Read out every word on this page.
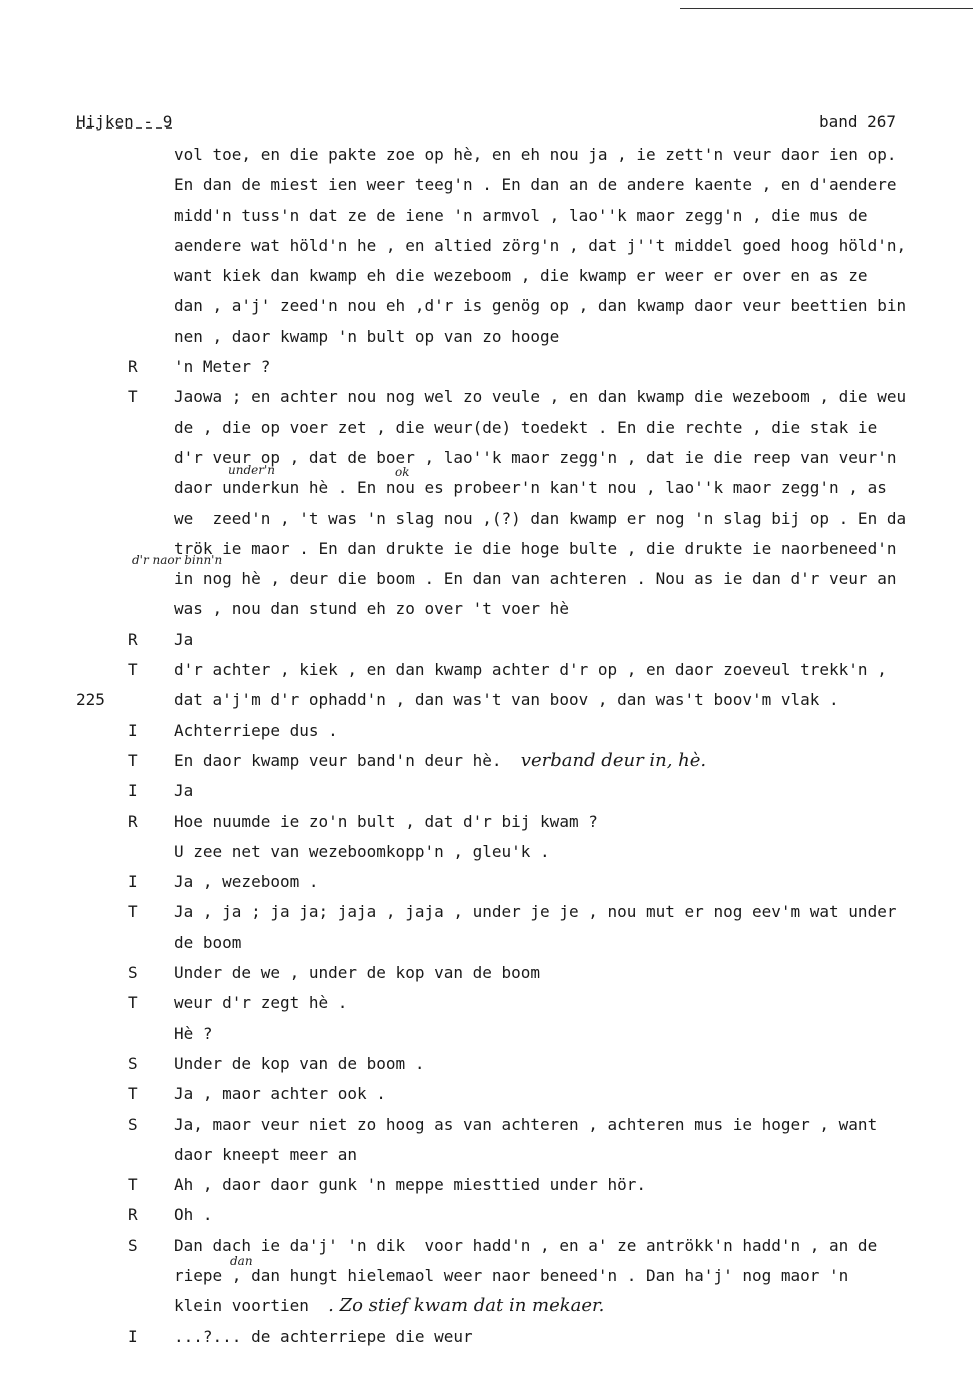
Hijken - 9	band 267
vol toe, en die pakte zoe op hè, en eh nou ja , ie zett'n veur daor ien op.
En dan de miest ien weer teeg'n . En dan an de andere kaente , en d'aendere
midd'n tuss'n dat ze de iene 'n armvol , lao''k maor zegg'n , die mus de
aendere wat höld'n he , en altied zörg'n , dat j''t middel goed hoog höld'n,
want kiek dan kwamp eh die wezeboom , die kwamp er weer er over en as ze
dan , a'j' zeed'n nou eh ,d'r is genög op , dan kwamp daor veur beettien bin
nen , daor kwamp 'n bult op van zo hooge
R	'n Meter ?
T	Jaowa ; en achter nou nog wel zo veule , en dan kwamp die wezeboom , die weu
de , die op voer zet , die weur(de) toedekt . En die rechte , die stak ie
d'r veur op , dat de boer , lao''k maor zegg'n , dat ie die reep van veur'n
daor underkun hè . En nou es probeer'n kan't nou , lao''k maor zegg'n , as
we  zeed'n , 't was 'n slag nou ,(?) dan kwamp er nog 'n slag bij op . En da
trök ie maor . En dan drukte ie die hoge bulte , die drukte ie naorbeneed'n
in nog hè , deur die boom . En dan van achteren . Nou as ie dan d'r veur an
was , nou dan stund eh zo over 't voer hè
R	Ja
T	d'r achter , kiek , en dan kwamp achter d'r op , en daor zoeveul trekk'n ,
225	dat a'j'm d'r ophadd'n , dan was't van boov , dan was't boov'm vlak .
I	Achterriepe dus .
T	En daor kwamp veur band'n deur hè. verband deur in, hè.
I	Ja
R	Hoe nuumde ie zo'n bult , dat d'r bij kwam ?
U zee net van wezeboomkopp'n , gleu'k .
I	Ja , wezeboom .
T	Ja , ja ; ja ja; jaja , jaja , under je je , nou mut er nog eev'm wat under
de boom
S	Under de we , under de kop van de boom
T	weur d'r zegt hè .
Hè ?
S	Under de kop van de boom .
T	Ja , maor achter ook .
S	Ja, maor veur niet zo hoog as van achteren , achteren mus ie hoger , want
daor kneept meer an
T	Ah , daor daor gunk 'n meppe miesttied under hör.
R	Oh .
S	Dan dach ie da'j' 'n dik  voor hadd'n , en a' ze antrökk'n hadd'n , an de
riepe , dan hungt hielemaol weer naor beneed'n . Dan ha'j' nog maor 'n
klein voortien . Zo stief kwam dat in mekaer.
I	...?... de achterriepe die weur
under'n	ok
d'r naor binn'n
dan
